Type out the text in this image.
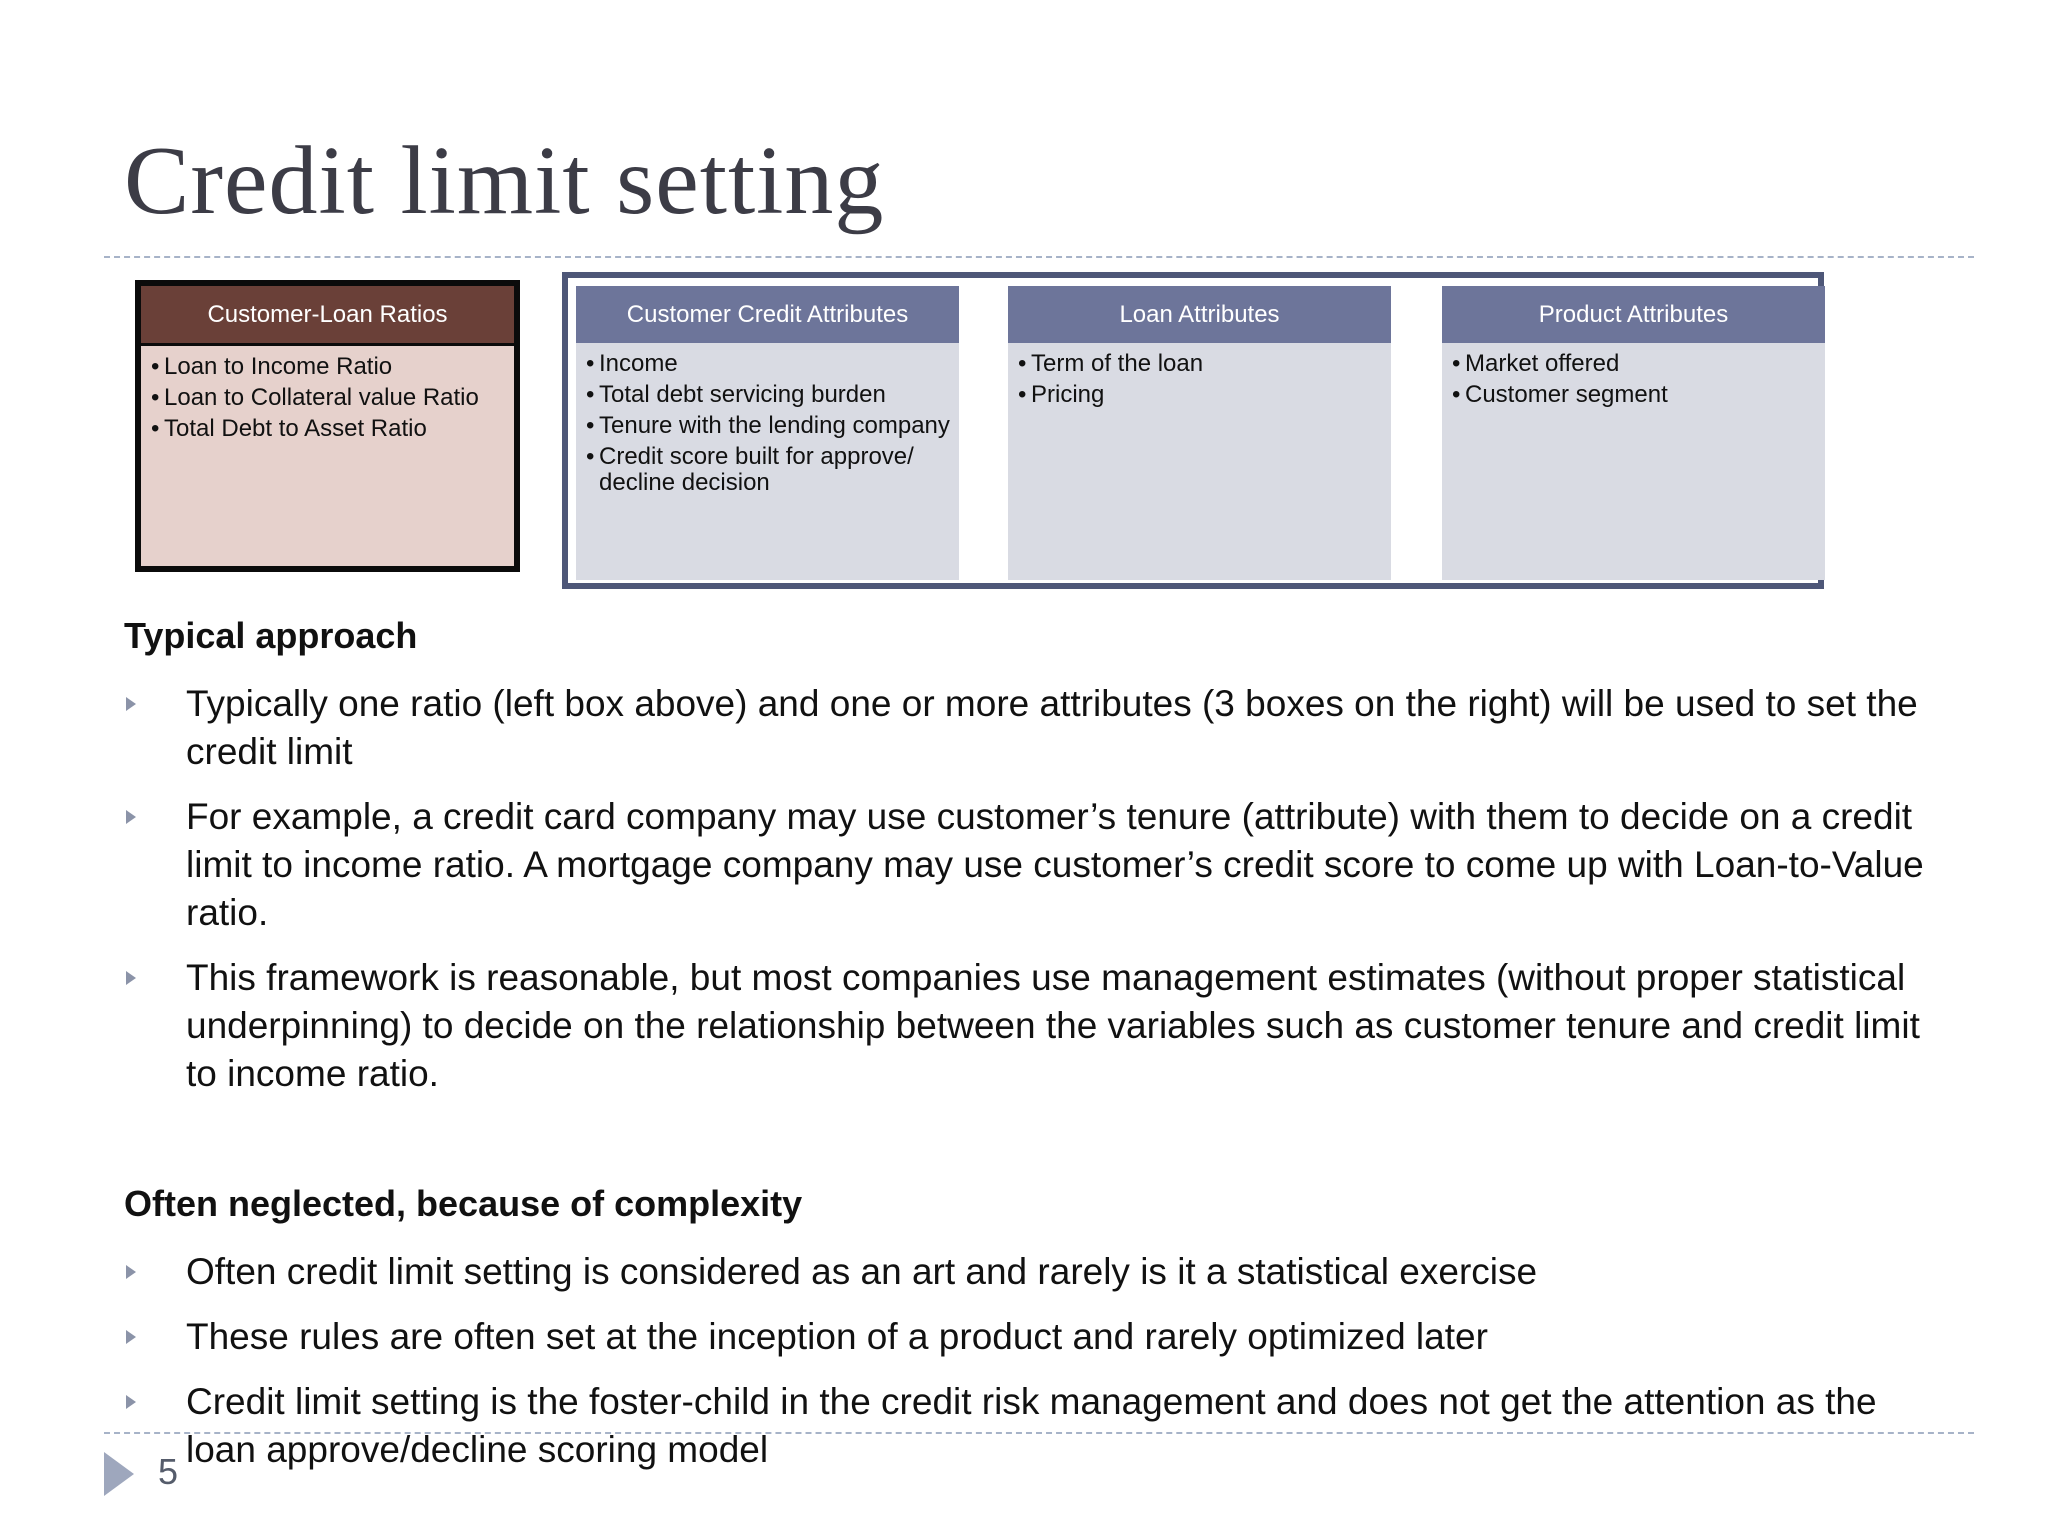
Credit limit setting
Customer-Loan Ratios
• Loan to Income Ratio
• Loan to Collateral value Ratio
• Total Debt to Asset Ratio
Customer Credit Attributes
• Income
• Total debt servicing burden
• Tenure with the lending company
• Credit score built for approve/ decline decision
Loan Attributes
• Term of the loan
• Pricing
Product Attributes
• Market offered
• Customer segment
Typical approach
Typically one ratio (left box above) and one or more attributes (3 boxes on the right) will be used to set the credit limit
For example, a credit card company may use customer’s tenure (attribute) with them to decide on a credit limit to income ratio. A mortgage company may use customer’s credit score to come up with Loan-to-Value ratio.
This framework is reasonable, but most companies use management estimates (without proper statistical underpinning) to decide on the relationship between the variables such as customer tenure and credit limit to income ratio.
Often neglected, because of complexity
Often credit limit setting is considered as an art and rarely is it a statistical exercise
These rules are often set at the inception of a product and rarely optimized later
Credit limit setting is the foster-child in the credit risk management and does not get the attention as the loan approve/decline scoring model
5
